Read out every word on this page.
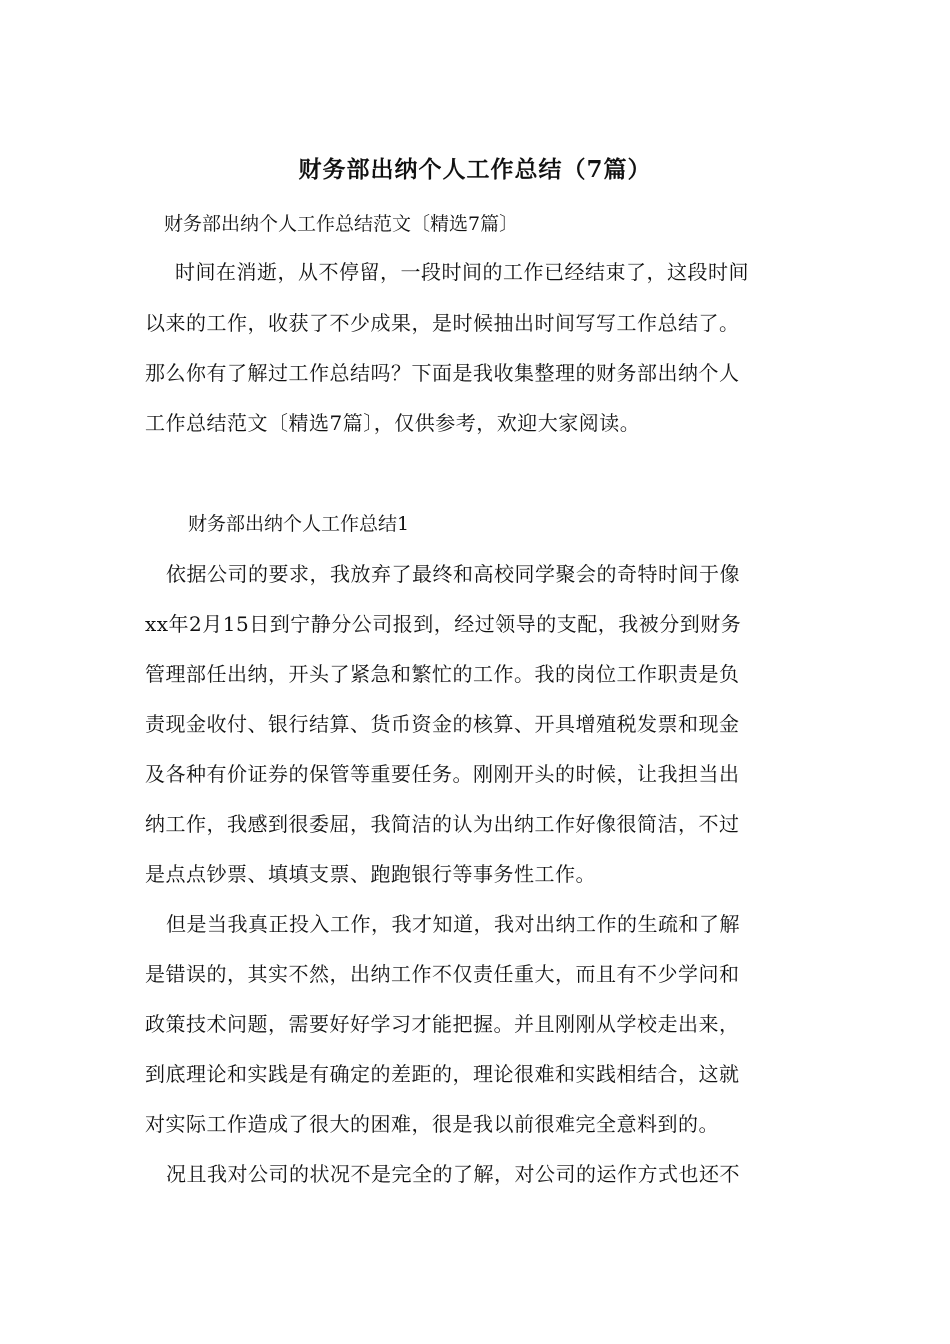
财务部出纳个人工作总结（7篇）
财务部出纳个人工作总结范文〔精选7篇〕
时间在消逝，从不停留，一段时间的工作已经结束了，这段时间
以来的工作，收获了不少成果，是时候抽出时间写写工作总结了。
那么你有了解过工作总结吗？下面是我收集整理的财务部出纳个人
工作总结范文〔精选7篇〕，仅供参考，欢迎大家阅读。
财务部出纳个人工作总结1
依据公司的要求，我放弃了最终和高校同学聚会的奇特时间于像
xx年2月15日到宁静分公司报到，经过领导的支配，我被分到财务
管理部任出纳，开头了紧急和繁忙的工作。我的岗位工作职责是负
责现金收付、银行结算、货币资金的核算、开具增殖税发票和现金
及各种有价证券的保管等重要任务。刚刚开头的时候，让我担当出
纳工作，我感到很委屈，我简洁的认为出纳工作好像很简洁，不过
是点点钞票、填填支票、跑跑银行等事务性工作。
但是当我真正投入工作，我才知道，我对出纳工作的生疏和了解
是错误的，其实不然，出纳工作不仅责任重大，而且有不少学问和
政策技术问题，需要好好学习才能把握。并且刚刚从学校走出来，
到底理论和实践是有确定的差距的，理论很难和实践相结合，这就
对实际工作造成了很大的困难，很是我以前很难完全意料到的。
况且我对公司的状况不是完全的了解，对公司的运作方式也还不
